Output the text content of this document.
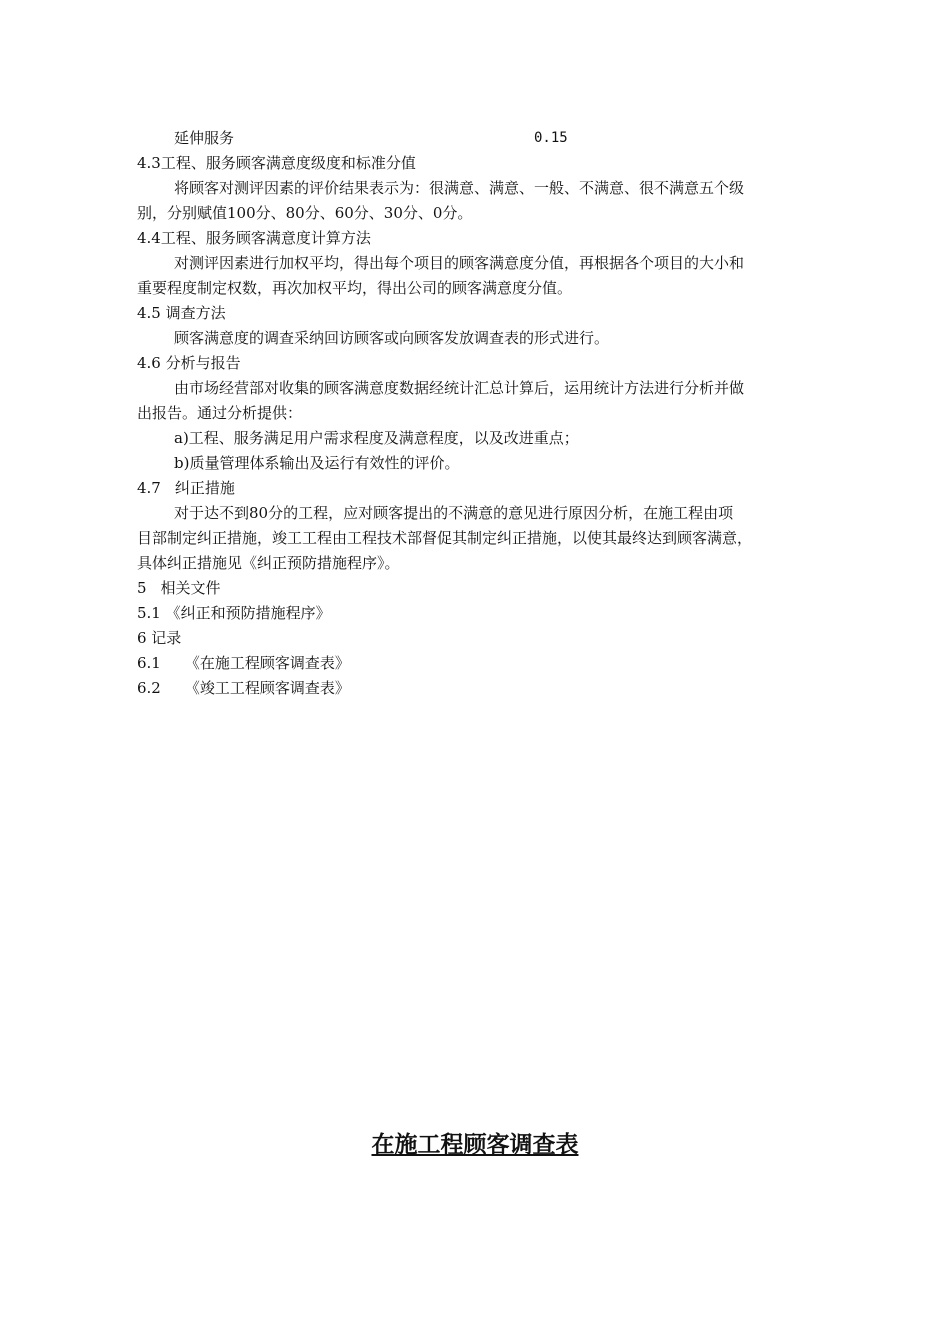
延伸服务	0.15
4.3工程、服务顾客满意度级度和标准分值
将顾客对测评因素的评价结果表示为：很满意、满意、一般、不满意、很不满意五个级
别，分别赋值100分、80分、60分、30分、0分。
4.4工程、服务顾客满意度计算方法
对测评因素进行加权平均，得出每个项目的顾客满意度分值，再根据各个项目的大小和
重要程度制定权数，再次加权平均，得出公司的顾客满意度分值。
4.5 调查方法
顾客满意度的调查采纳回访顾客或向顾客发放调查表的形式进行。
4.6 分析与报告
由市场经营部对收集的顾客满意度数据经统计汇总计算后，运用统计方法进行分析并做
出报告。通过分析提供：
a)工程、服务满足用户需求程度及满意程度，以及改进重点；
b)质量管理体系输出及运行有效性的评价。
4.7 纠正措施
对于达不到80分的工程，应对顾客提出的不满意的意见进行原因分析，在施工程由项
目部制定纠正措施，竣工工程由工程技术部督促其制定纠正措施，以使其最终达到顾客满意，
具体纠正措施见《纠正预防措施程序》。
5 相关文件
5.1 《纠正和预防措施程序》
6 记录
6.1 《在施工程顾客调查表》
6.2 《竣工工程顾客调查表》
在施工程顾客调查表
